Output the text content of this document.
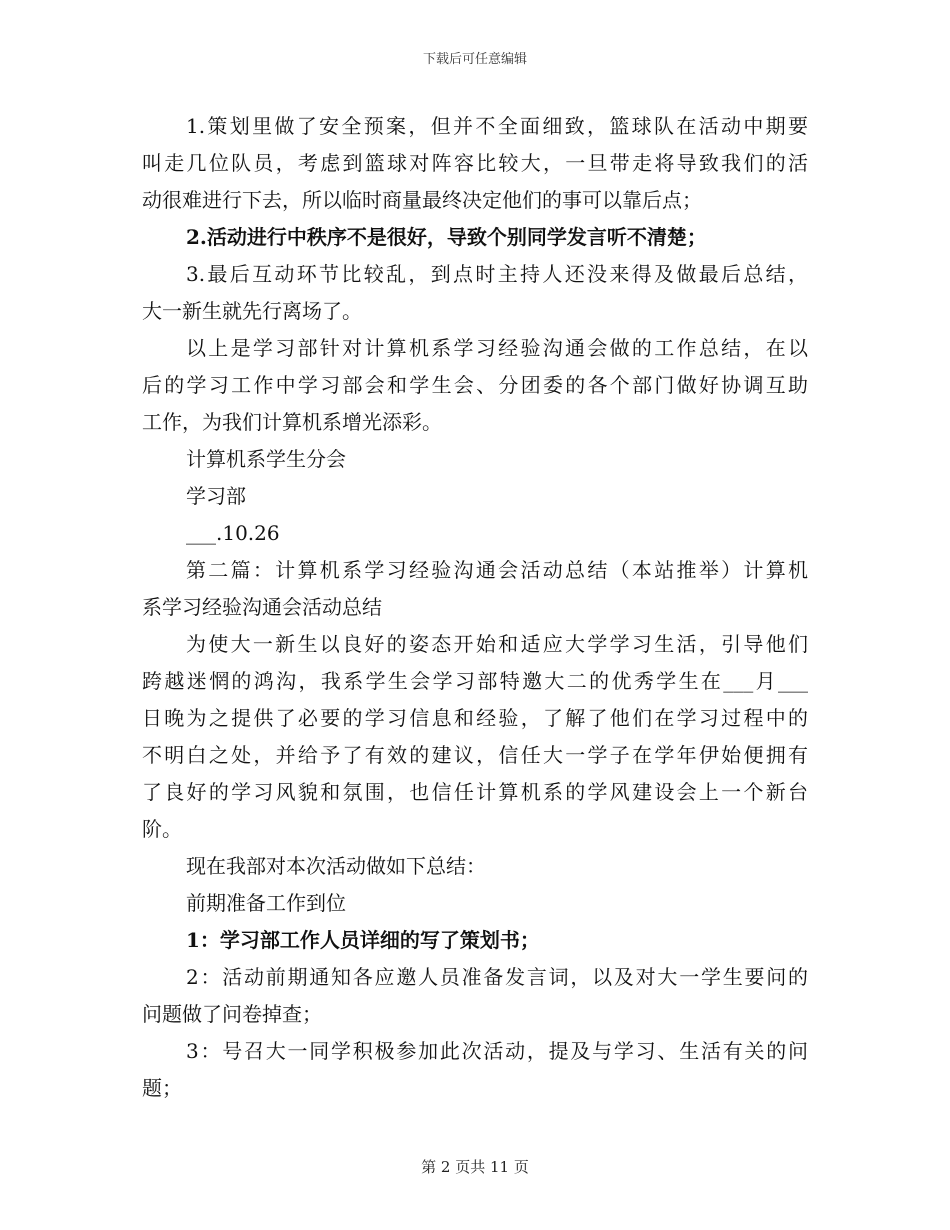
下载后可任意编辑
1.策划里做了安全预案，但并不全面细致，篮球队在活动中期要
叫走几位队员，考虑到篮球对阵容比较大，一旦带走将导致我们的活
动很难进行下去，所以临时商量最终决定他们的事可以靠后点；
2.活动进行中秩序不是很好，导致个别同学发言听不清楚；
3.最后互动环节比较乱，到点时主持人还没来得及做最后总结，
大一新生就先行离场了。
以上是学习部针对计算机系学习经验沟通会做的工作总结，在以
后的学习工作中学习部会和学生会、分团委的各个部门做好协调互助
工作，为我们计算机系增光添彩。
计算机系学生分会
学习部
___.10.26
第二篇：计算机系学习经验沟通会活动总结（本站推举）计算机
系学习经验沟通会活动总结
为使大一新生以良好的姿态开始和适应大学学习生活，引导他们
跨越迷惘的鸿沟，我系学生会学习部特邀大二的优秀学生在___月___
日晚为之提供了必要的学习信息和经验，了解了他们在学习过程中的
不明白之处，并给予了有效的建议，信任大一学子在学年伊始便拥有
了良好的学习风貌和氛围，也信任计算机系的学风建设会上一个新台
阶。
现在我部对本次活动做如下总结：
前期准备工作到位
1：学习部工作人员详细的写了策划书；
2：活动前期通知各应邀人员准备发言词，以及对大一学生要问的
问题做了问卷掉查；
3：号召大一同学积极参加此次活动，提及与学习、生活有关的问
题；
第 2 页共 11 页
